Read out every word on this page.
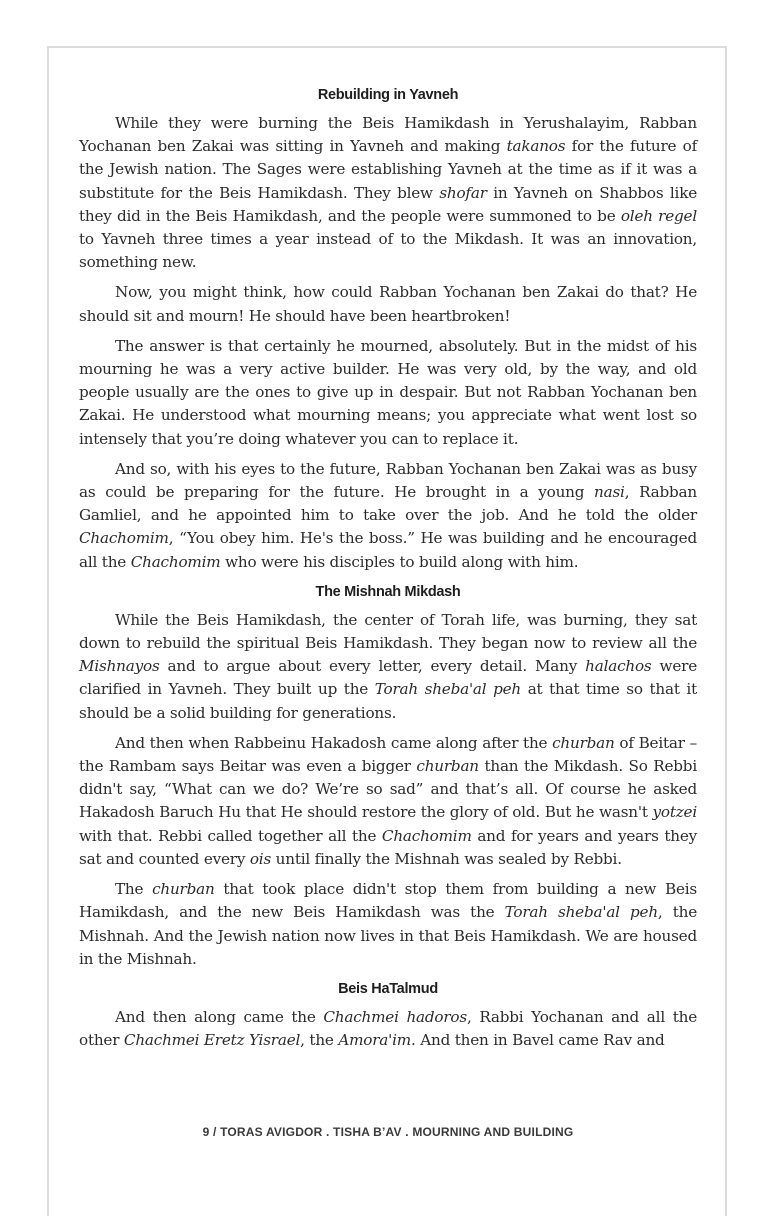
Rebuilding in Yavneh

While they were burning the Beis Hamikdash in Yerushalayim, Rabban Yochanan ben Zakai was sitting in Yavneh and making takanos for the future of the Jewish nation. The Sages were establishing Yavneh at the time as if it was a substitute for the Beis Hamikdash. They blew shofar in Yavneh on Shabbos like they did in the Beis Hamikdash, and the people were summoned to be oleh regel to Yavneh three times a year instead of to the Mikdash. It was an innovation, something new.

Now, you might think, how could Rabban Yochanan ben Zakai do that? He should sit and mourn! He should have been heartbroken!

The answer is that certainly he mourned, absolutely. But in the midst of his mourning he was a very active builder. He was very old, by the way, and old people usually are the ones to give up in despair. But not Rabban Yochanan ben Zakai. He understood what mourning means; you appreciate what went lost so intensely that you’re doing whatever you can to replace it.

And so, with his eyes to the future, Rabban Yochanan ben Zakai was as busy as could be preparing for the future. He brought in a young nasi, Rabban Gamliel, and he appointed him to take over the job. And he told the older Chachomim, “You obey him. He's the boss.” He was building and he encouraged all the Chachomim who were his disciples to build along with him.

The Mishnah Mikdash

While the Beis Hamikdash, the center of Torah life, was burning, they sat down to rebuild the spiritual Beis Hamikdash. They began now to review all the Mishnayos and to argue about every letter, every detail. Many halachos were clarified in Yavneh. They built up the Torah sheba'al peh at that time so that it should be a solid building for generations.

And then when Rabbeinu Hakadosh came along after the churban of Beitar – the Rambam says Beitar was even a bigger churban than the Mikdash. So Rebbi didn't say, “What can we do? We’re so sad” and that’s all. Of course he asked Hakadosh Baruch Hu that He should restore the glory of old. But he wasn't yotzei with that. Rebbi called together all the Chachomim and for years and years they sat and counted every ois until finally the Mishnah was sealed by Rebbi.

The churban that took place didn't stop them from building a new Beis Hamikdash, and the new Beis Hamikdash was the Torah sheba'al peh, the Mishnah. And the Jewish nation now lives in that Beis Hamikdash. We are housed in the Mishnah.

Beis HaTalmud

And then along came the Chachmei hadoros, Rabbi Yochanan and all the other Chachmei Eretz Yisrael, the Amora'im. And then in Bavel came Rav and

9 / TORAS AVIGDOR . TISHA B’AV . MOURNING AND BUILDING
